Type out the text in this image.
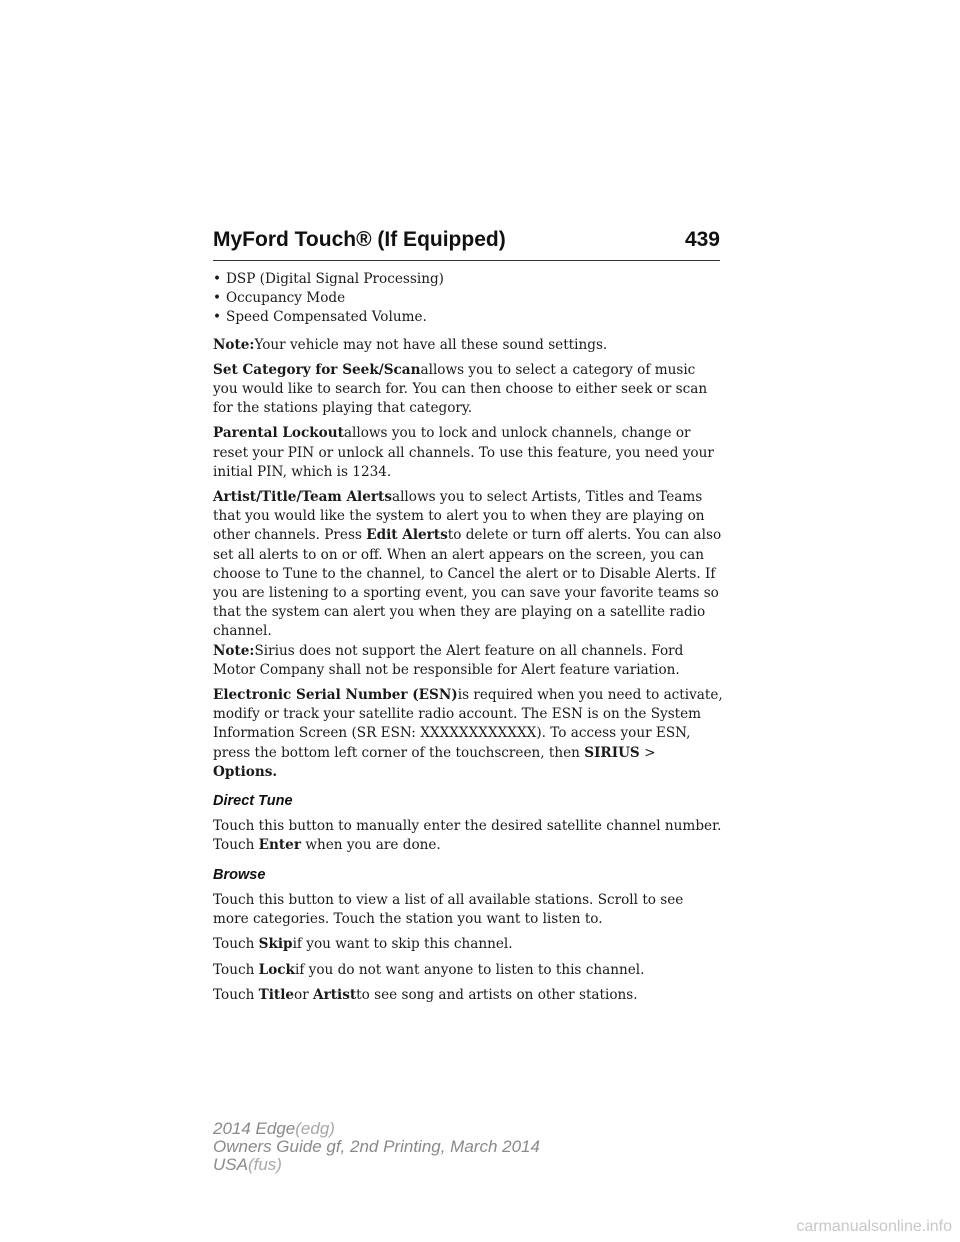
MyFord Touch® (If Equipped)	439
• DSP (Digital Signal Processing)
• Occupancy Mode
• Speed Compensated Volume.

Note:Your vehicle may not have all these sound settings.

Set Category for Seek/Scanallows you to select a category of music you would like to search for. You can then choose to either seek or scan for the stations playing that category.

Parental Lockoutallows you to lock and unlock channels, change or reset your PIN or unlock all channels. To use this feature, you need your initial PIN, which is 1234.

Artist/Title/Team Alertsallows you to select Artists, Titles and Teams that you would like the system to alert you to when they are playing on other channels. Press Edit Alertsto delete or turn off alerts. You can also set all alerts to on or off. When an alert appears on the screen, you can choose to Tune to the channel, to Cancel the alert or to Disable Alerts. If you are listening to a sporting event, you can save your favorite teams so that the system can alert you when they are playing on a satellite radio channel.

Note:Sirius does not support the Alert feature on all channels. Ford Motor Company shall not be responsible for Alert feature variation.

Electronic Serial Number (ESN)is required when you need to activate, modify or track your satellite radio account. The ESN is on the System Information Screen (SR ESN: XXXXXXXXXXXX). To access your ESN, press the bottom left corner of the touchscreen, then SIRIUS > Options.

Direct Tune

Touch this button to manually enter the desired satellite channel number. Touch Enter when you are done.

Browse

Touch this button to view a list of all available stations. Scroll to see more categories. Touch the station you want to listen to.

Touch Skipif you want to skip this channel.

Touch Lockif you do not want anyone to listen to this channel.

Touch Titleor Artistto see song and artists on other stations.

2014 Edge(edg)
Owners Guide gf, 2nd Printing, March 2014
USA(fus)
carmanualsonline.info
